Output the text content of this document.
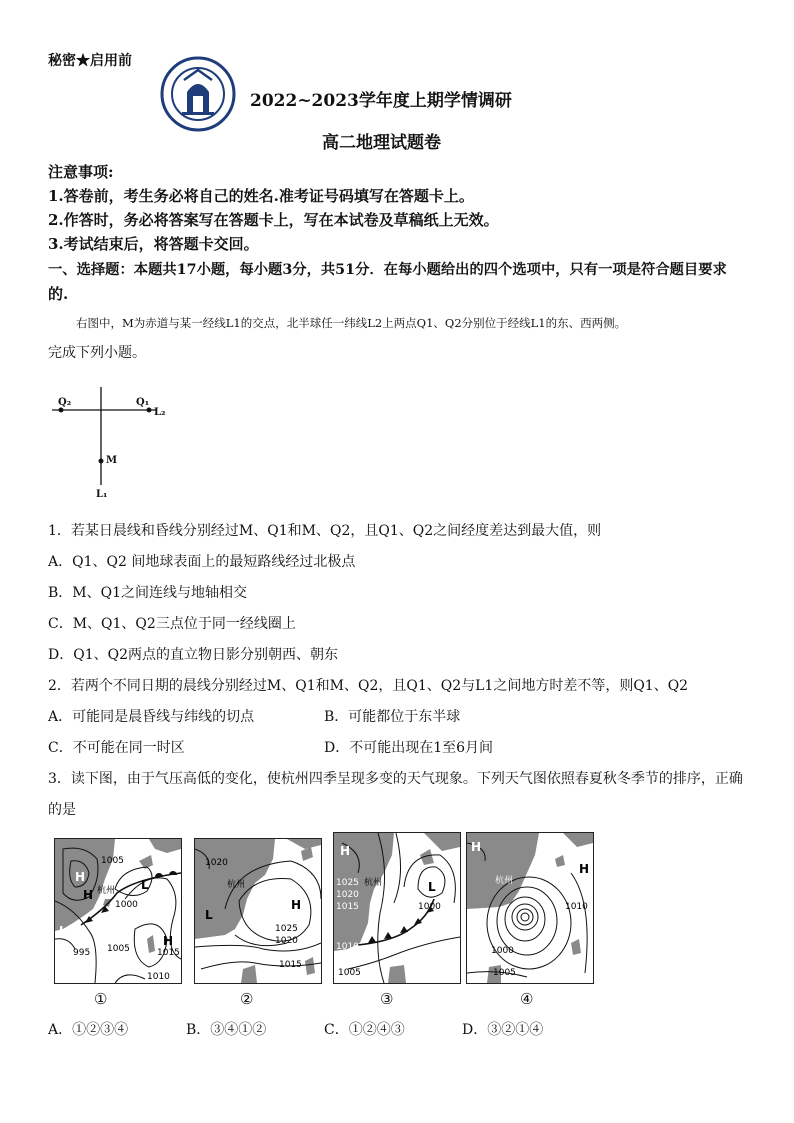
秘密★启用前
2022~2023学年度上期学情调研
高二地理试题卷
注意事项:
1.答卷前，考生务必将自己的姓名.准考证号码填写在答题卡上。
2.作答时，务必将答案写在答题卡上，写在本试卷及草稿纸上无效。
3.考试结束后，将答题卡交回。
一、选择题：本题共17小题，每小题3分，共51分．在每小题给出的四个选项中，只有一项是符合题目要求
的.
右图中，M为赤道与某一经线L1的交点，北半球任一纬线L2上两点Q1、Q2分别位于经线L1的东、西两侧。
完成下列小题。
Q₂	Q₁
L₂
M
L₁
1．若某日晨线和昏线分别经过M、Q1和M、Q2，且Q1、Q2之间经度差达到最大值，则
A．Q1、Q2 间地球表面上的最短路线经过北极点
B．M、Q1之间连线与地轴相交
C．M、Q1、Q2三点位于同一经线圈上
D．Q1、Q2两点的直立物日影分别朝西、朝东
2．若两个不同日期的晨线分别经过M、Q1和M、Q2，且Q1、Q2与L1之间地方时差不等，则Q1、Q2
A．可能同是晨昏线与纬线的切点	B．可能都位于东半球
C．不可能在同一时区	D．不可能出现在1至6月间
3．读下图，由于气压高低的变化，使杭州四季呈现多变的天气现象。下列天气图依照春夏秋冬季节的排序，正确
的是
1005
1000
995 1005	1015
1010
H
H
H
L
L
杭州
1020
1025
1020
1015
H
L
杭州	1025
1020
1015	1000
1010
1005
H
L
杭州
1000
1010
1005
H
H
杭州
①	②	③	④
A．①②③④	B．③④①②	C．①②④③	D．③②①④
